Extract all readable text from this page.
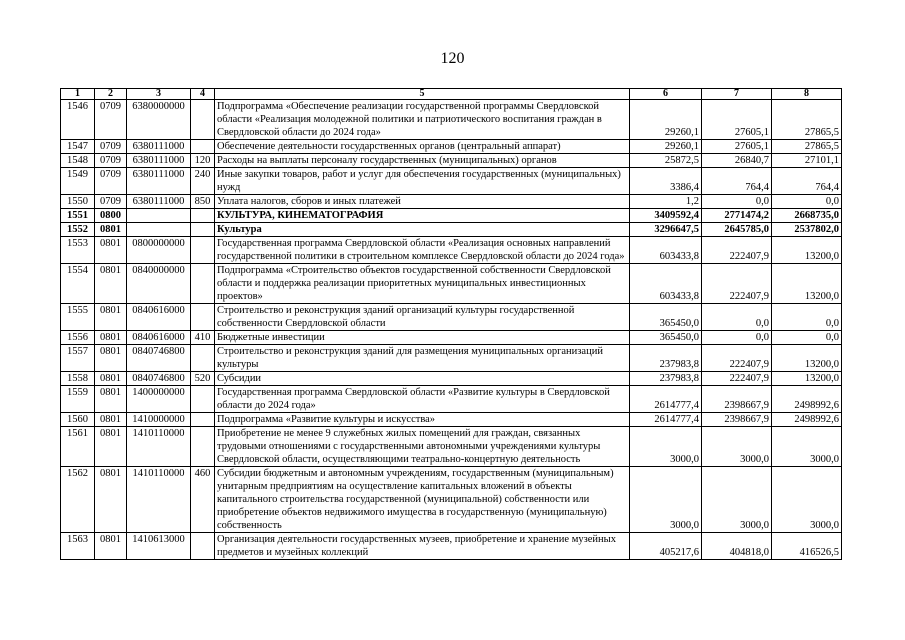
120
1	2	3	4	5	6	7	8
1546	0709	6380000000		Подпрограмма «Обеспечение реализации государственной программы Свердловской области «Реализация молодежной политики и патриотического воспитания граждан в Свердловской области до 2024 года»	29260,1	27605,1	27865,5
1547	0709	6380111000		Обеспечение деятельности государственных органов (центральный аппарат)	29260,1	27605,1	27865,5
1548	0709	6380111000	120	Расходы на выплаты персоналу государственных (муниципальных) органов	25872,5	26840,7	27101,1
1549	0709	6380111000	240	Иные закупки товаров, работ и услуг для обеспечения государственных (муниципальных) нужд	3386,4	764,4	764,4
1550	0709	6380111000	850	Уплата налогов, сборов и иных платежей	1,2	0,0	0,0
1551	0800			КУЛЬТУРА, КИНЕМАТОГРАФИЯ	3409592,4	2771474,2	2668735,0
1552	0801			Культура	3296647,5	2645785,0	2537802,0
1553	0801	0800000000		Государственная программа Свердловской области «Реализация основных направлений государственной политики в строительном комплексе Свердловской области до 2024 года»	603433,8	222407,9	13200,0
1554	0801	0840000000		Подпрограмма «Строительство объектов государственной собственности Свердловской области и поддержка реализации приоритетных муниципальных инвестиционных проектов»	603433,8	222407,9	13200,0
1555	0801	0840616000		Строительство и реконструкция зданий организаций культуры государственной собственности Свердловской области	365450,0	0,0	0,0
1556	0801	0840616000	410	Бюджетные инвестиции	365450,0	0,0	0,0
1557	0801	0840746800		Строительство и реконструкция зданий для размещения муниципальных организаций культуры	237983,8	222407,9	13200,0
1558	0801	0840746800	520	Субсидии	237983,8	222407,9	13200,0
1559	0801	1400000000		Государственная программа Свердловской области «Развитие культуры в Свердловской области до 2024 года»	2614777,4	2398667,9	2498992,6
1560	0801	1410000000		Подпрограмма «Развитие культуры и искусства»	2614777,4	2398667,9	2498992,6
1561	0801	1410110000		Приобретение не менее 9 служебных жилых помещений для граждан, связанных трудовыми отношениями с государственными автономными учреждениями культуры Свердловской области, осуществляющими театрально-концертную деятельность	3000,0	3000,0	3000,0
1562	0801	1410110000	460	Субсидии бюджетным и автономным учреждениям, государственным (муниципальным) унитарным предприятиям на осуществление капитальных вложений в объекты капитального строительства государственной (муниципальной) собственности или приобретение объектов недвижимого имущества в государственную (муниципальную) собственность	3000,0	3000,0	3000,0
1563	0801	1410613000		Организация деятельности государственных музеев, приобретение и хранение музейных предметов и музейных коллекций	405217,6	404818,0	416526,5
